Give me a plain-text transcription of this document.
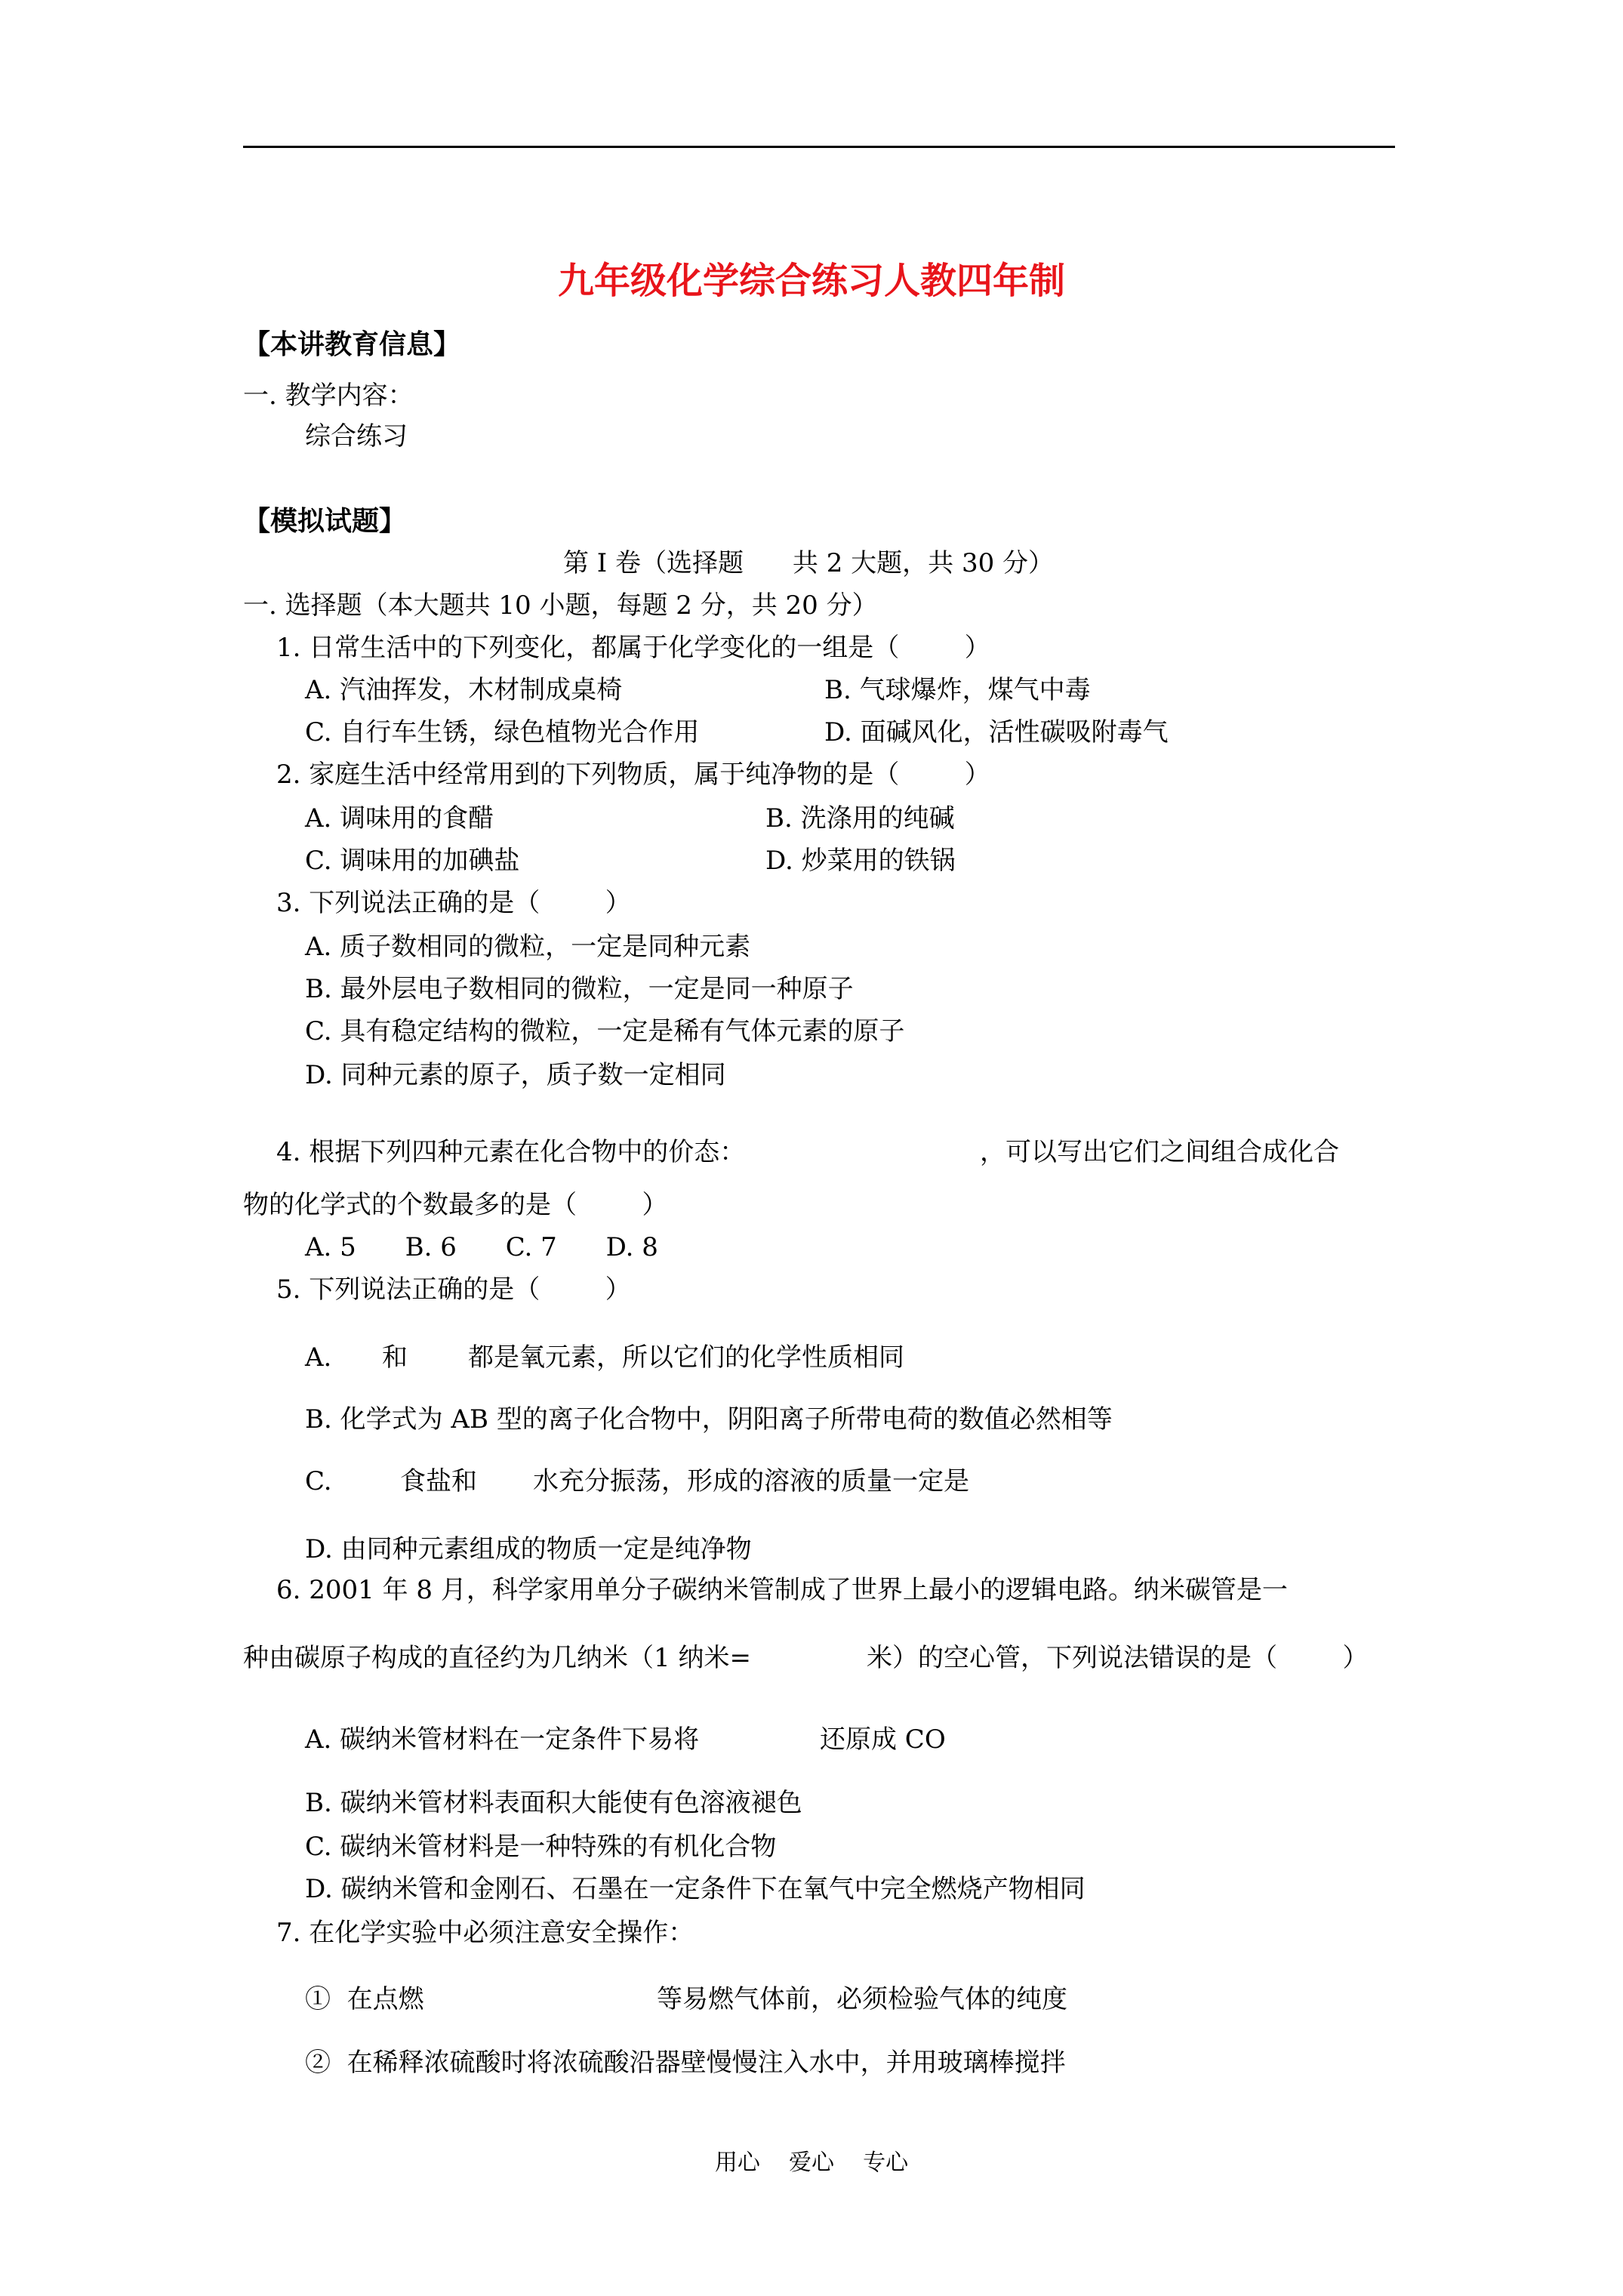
九年级化学综合练习人教四年制
【本讲教育信息】
一. 教学内容：
综合练习
【模拟试题】
第 I 卷（选择题      共 2 大题，共 30 分）
一. 选择题（本大题共 10 小题，每题 2 分，共 20 分）
1. 日常生活中的下列变化，都属于化学变化的一组是（        ）
A. 汽油挥发，木材制成桌椅	B. 气球爆炸，煤气中毒
C. 自行车生锈，绿色植物光合作用	D. 面碱风化，活性碳吸附毒气
2. 家庭生活中经常用到的下列物质，属于纯净物的是（        ）
A. 调味用的食醋	B. 洗涤用的纯碱
C. 调味用的加碘盐	D. 炒菜用的铁锅
3. 下列说法正确的是（        ）
A. 质子数相同的微粒，一定是同种元素
B. 最外层电子数相同的微粒，一定是同一种原子
C. 具有稳定结构的微粒，一定是稀有气体元素的原子
D. 同种元素的原子，质子数一定相同
4. 根据下列四种元素在化合物中的价态：	，可以写出它们之间组合成化合
物的化学式的个数最多的是（        ）
A. 5      B. 6      C. 7      D. 8
5. 下列说法正确的是（        ）
A. 和 都是氧元素，所以它们的化学性质相同
B. 化学式为 AB 型的离子化合物中，阴阳离子所带电荷的数值必然相等
C.	食盐和 水充分振荡，形成的溶液的质量一定是
D. 由同种元素组成的物质一定是纯净物
6. 2001 年 8 月，科学家用单分子碳纳米管制成了世界上最小的逻辑电路。纳米碳管是一
种由碳原子构成的直径约为几纳米（1 纳米=	米）的空心管，下列说法错误的是（        ）
A. 碳纳米管材料在一定条件下易将	还原成 CO
B. 碳纳米管材料表面积大能使有色溶液褪色
C. 碳纳米管材料是一种特殊的有机化合物
D. 碳纳米管和金刚石、石墨在一定条件下在氧气中完全燃烧产物相同
7. 在化学实验中必须注意安全操作：
①  在点燃	等易燃气体前，必须检验气体的纯度
②  在稀释浓硫酸时将浓硫酸沿器壁慢慢注入水中，并用玻璃棒搅拌
用心    爱心    专心
